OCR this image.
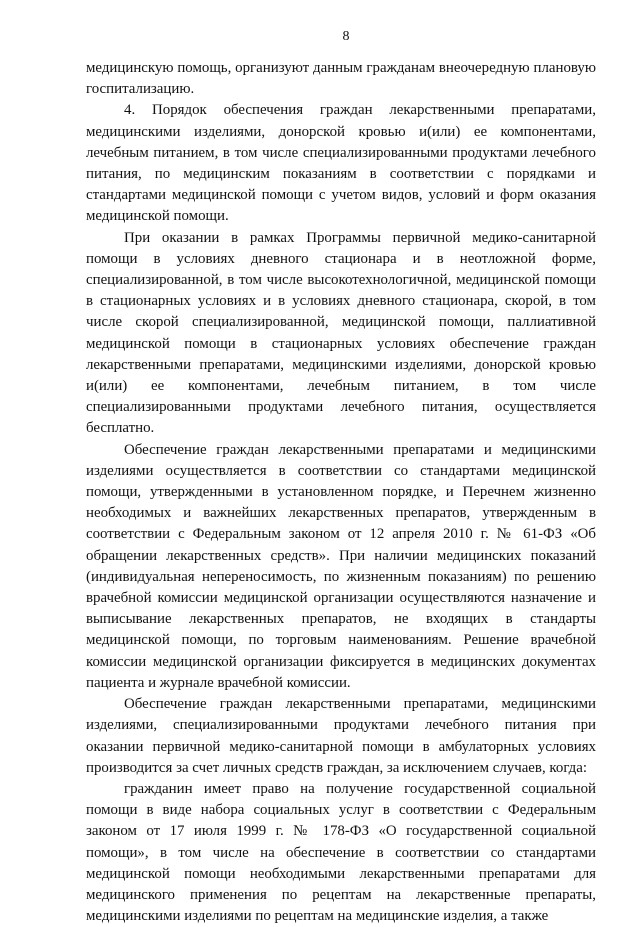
8

медицинскую помощь, организуют данным гражданам внеочередную плановую госпитализацию.

4. Порядок обеспечения граждан лекарственными препаратами, медицинскими изделиями, донорской кровью и(или) ее компонентами, лечебным питанием, в том числе специализированными продуктами лечебного питания, по медицинским показаниям в соответствии с порядками и стандартами медицинской помощи с учетом видов, условий и форм оказания медицинской помощи.

При оказании в рамках Программы первичной медико-санитарной помощи в условиях дневного стационара и в неотложной форме, специализированной, в том числе высокотехнологичной, медицинской помощи в стационарных условиях и в условиях дневного стационара, скорой, в том числе скорой специализированной, медицинской помощи, паллиативной медицинской помощи в стационарных условиях обеспечение граждан лекарственными препаратами, медицинскими изделиями, донорской кровью и(или) ее компонентами, лечебным питанием, в том числе специализированными продуктами лечебного питания, осуществляется бесплатно.

Обеспечение граждан лекарственными препаратами и медицинскими изделиями осуществляется в соответствии со стандартами медицинской помощи, утвержденными в установленном порядке, и Перечнем жизненно необходимых и важнейших лекарственных препаратов, утвержденным в соответствии с Федеральным законом от 12 апреля 2010 г. № 61-ФЗ «Об обращении лекарственных средств». При наличии медицинских показаний (индивидуальная непереносимость, по жизненным показаниям) по решению врачебной комиссии медицинской организации осуществляются назначение и выписывание лекарственных препаратов, не входящих в стандарты медицинской помощи, по торговым наименованиям. Решение врачебной комиссии медицинской организации фиксируется в медицинских документах пациента и журнале врачебной комиссии.

Обеспечение граждан лекарственными препаратами, медицинскими изделиями, специализированными продуктами лечебного питания при оказании первичной медико-санитарной помощи в амбулаторных условиях производится за счет личных средств граждан, за исключением случаев, когда:

гражданин имеет право на получение государственной социальной помощи в виде набора социальных услуг в соответствии с Федеральным законом от 17 июля 1999 г. № 178-ФЗ «О государственной социальной помощи», в том числе на обеспечение в соответствии со стандартами медицинской помощи необходимыми лекарственными препаратами для медицинского применения по рецептам на лекарственные препараты, медицинскими изделиями по рецептам на медицинские изделия, а также
